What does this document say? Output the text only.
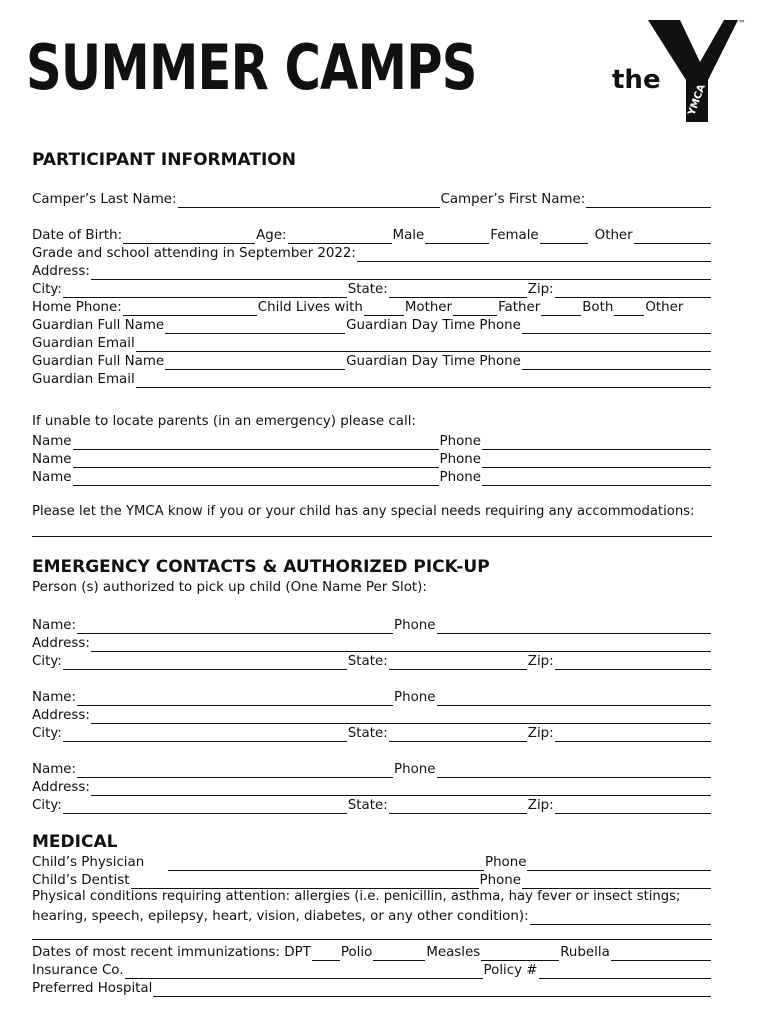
SUMMER CAMPS	the
YMCA
™
PARTICIPANT INFORMATION
Camper’s Last Name:	Camper’s First Name:
Date of Birth:	Age:	Male	Female	Other
Grade and school attending in September 2022:
Address:
City:	State:	Zip:
Home Phone:	Child Lives with	Mother	Father	Both Other
Guardian Full Name	Guardian Day Time Phone
Guardian Email
Guardian Full Name	Guardian Day Time Phone
Guardian Email
If unable to locate parents (in an emergency) please call:
Name	Phone
Name	Phone
Name	Phone
Please let the YMCA know if you or your child has any special needs requiring any accommodations:
EMERGENCY CONTACTS & AUTHORIZED PICK-UP
Person (s) authorized to pick up child (One Name Per Slot):
Name:	Phone
Address:
City:	State:	Zip:
Name:	Phone
Address:
City:	State:	Zip:
Name:	Phone
Address:
City:	State:	Zip:
MEDICAL
Child’s Physician	Phone
Child’s Dentist	Phone
Physical conditions requiring attention: allergies (i.e. penicillin, asthma, hay fever or insect stings;
hearing, speech, epilepsy, heart, vision, diabetes, or any other condition):
Dates of most recent immunizations: DPT Polio	Measles	Rubella
Insurance Co.	Policy #
Preferred Hospital
